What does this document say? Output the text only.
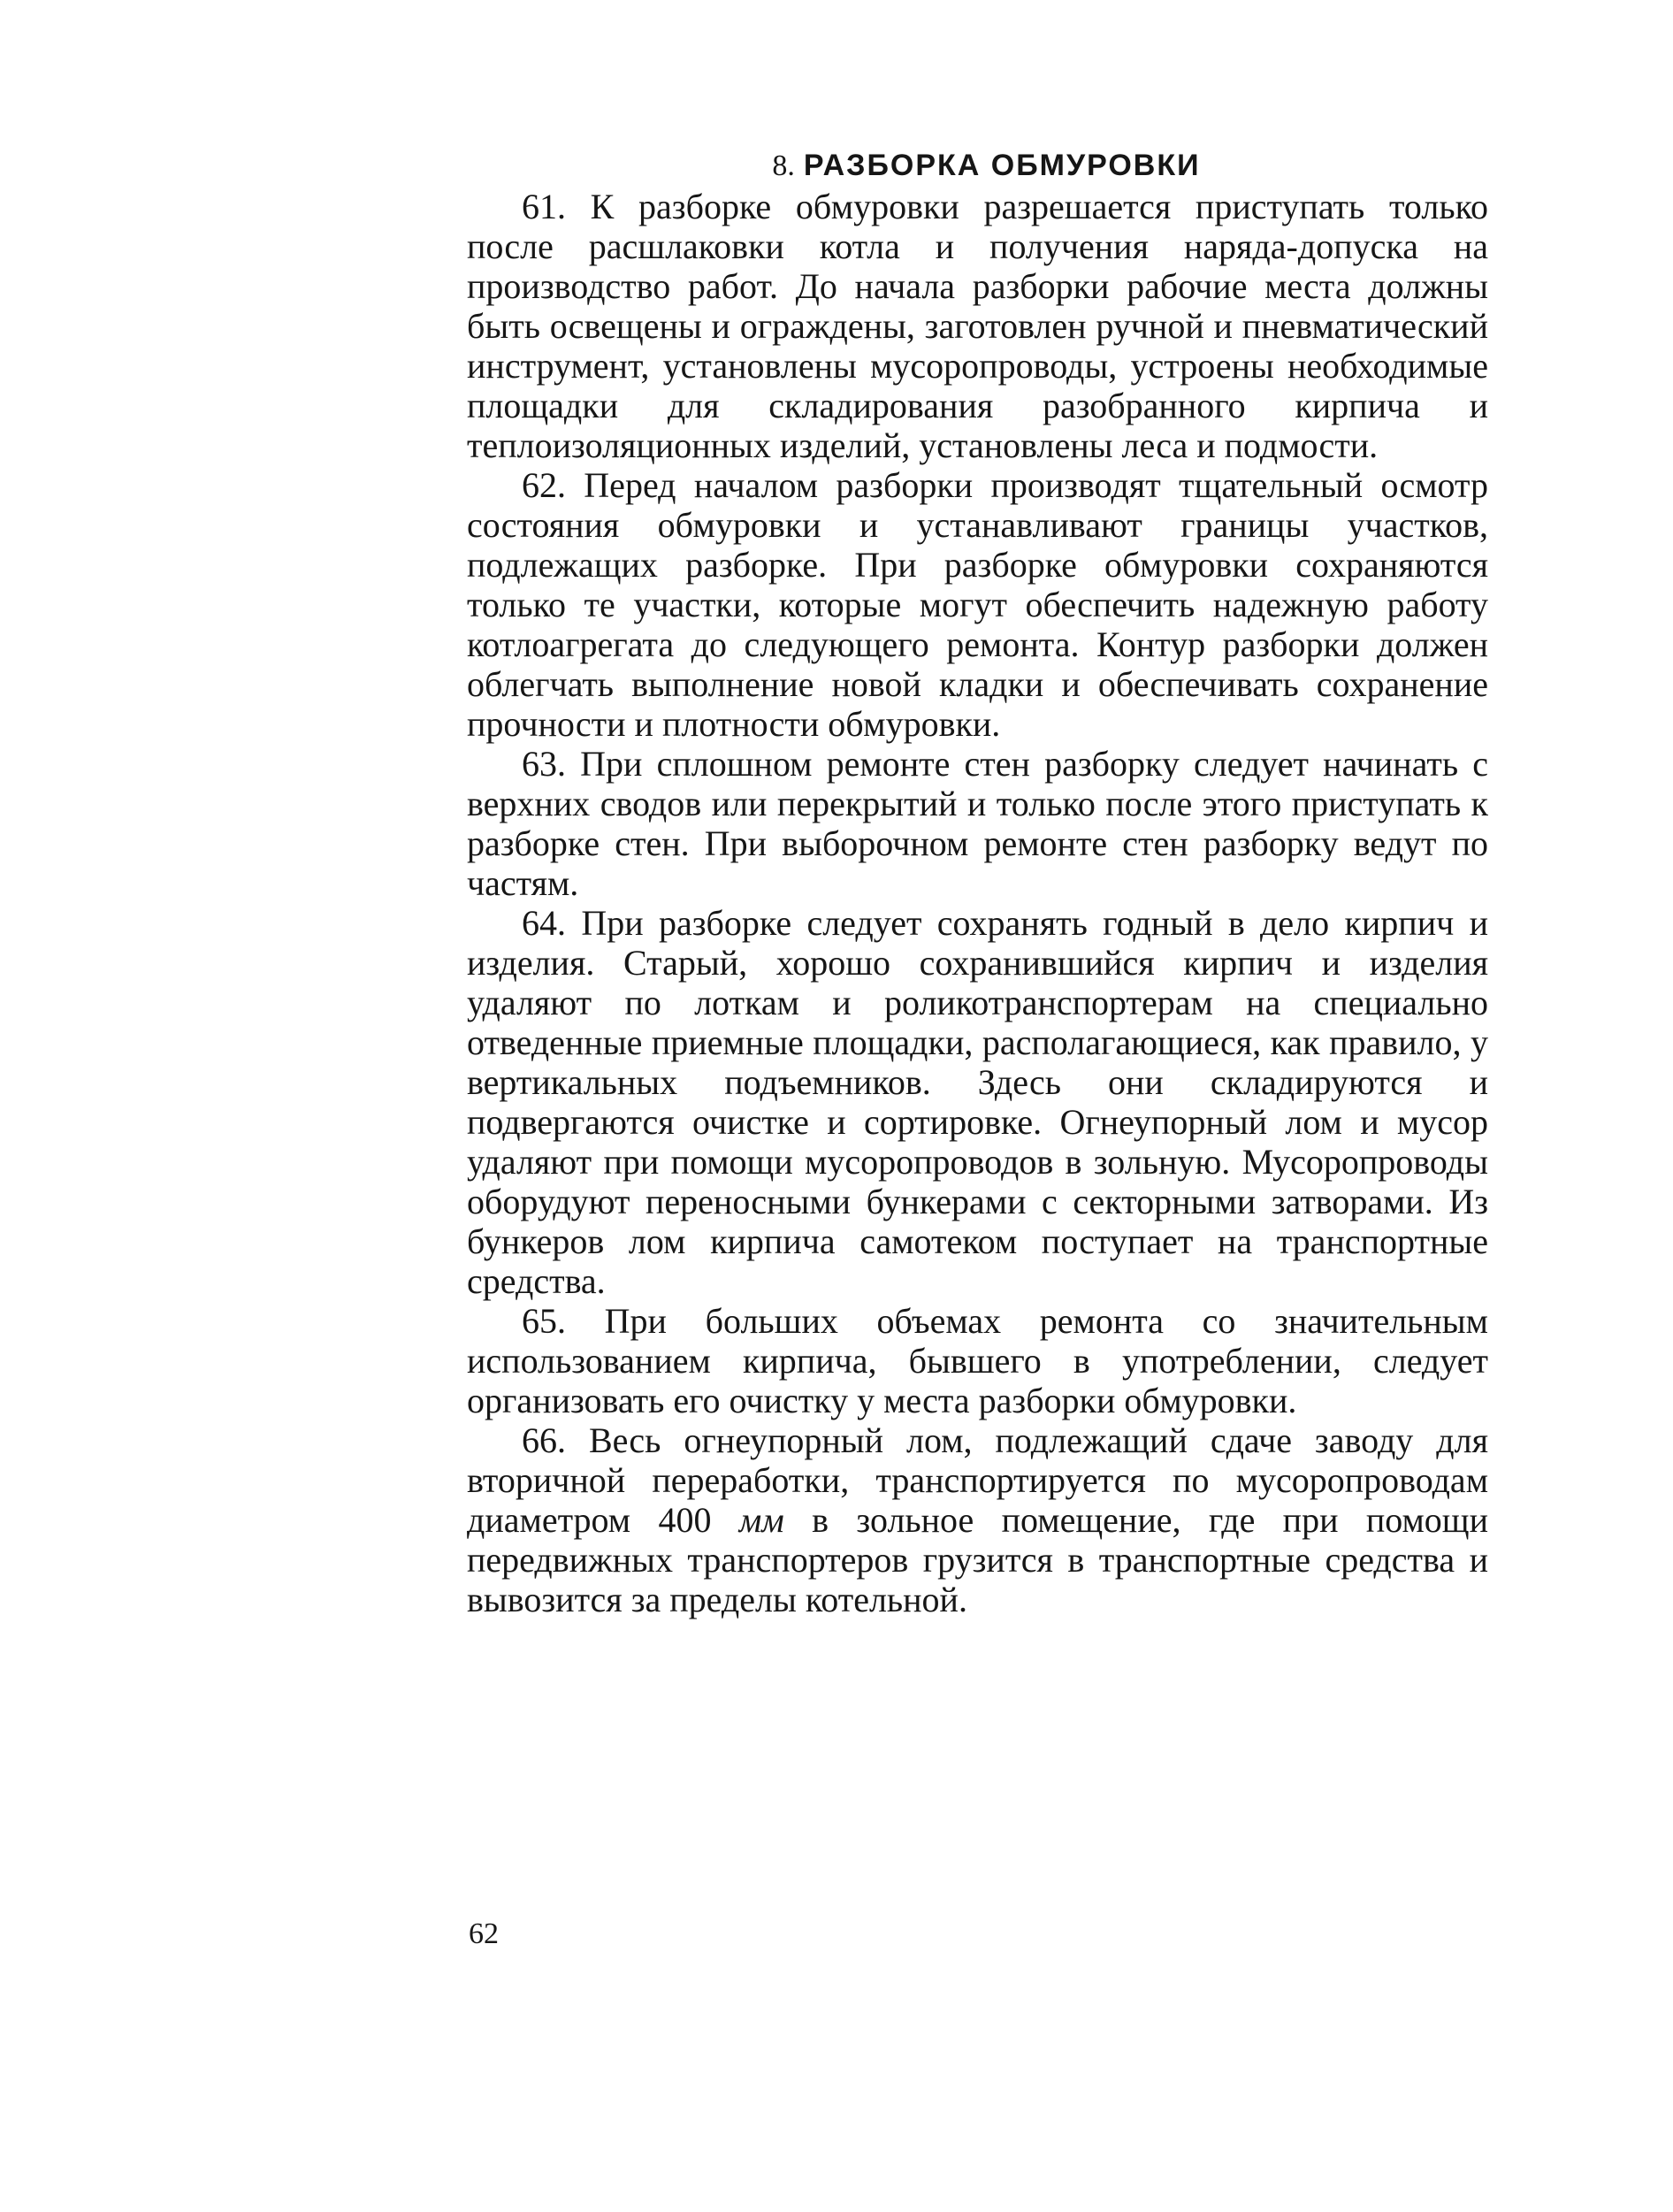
8. РАЗБОРКА ОБМУРОВКИ

61. К разборке обмуровки разрешается приступать только после расшлаковки котла и получения наряда-допуска на производство работ. До начала разборки рабочие места должны быть освещены и ограждены, заготовлен ручной и пневматический инструмент, установлены мусоропроводы, устроены необходимые площадки для складирования разобранного кирпича и теплоизоляционных изделий, установлены леса и подмости.

62. Перед началом разборки производят тщательный осмотр состояния обмуровки и устанавливают границы участков, подлежащих разборке. При разборке обмуровки сохраняются только те участки, которые могут обеспечить надежную работу котлоагрегата до следующего ремонта. Контур разборки должен облегчать выполнение новой кладки и обеспечивать сохранение прочности и плотности обмуровки.

63. При сплошном ремонте стен разборку следует начинать с верхних сводов или перекрытий и только после этого приступать к разборке стен. При выборочном ремонте стен разборку ведут по частям.

64. При разборке следует сохранять годный в дело кирпич и изделия. Старый, хорошо сохранившийся кирпич и изделия удаляют по лоткам и роликотранспортерам на специально отведенные приемные площадки, располагающиеся, как правило, у вертикальных подъемников. Здесь они складируются и подвергаются очистке и сортировке. Огнеупорный лом и мусор удаляют при помощи мусоропроводов в зольную. Мусоропроводы оборудуют переносными бункерами с секторными затворами. Из бункеров лом кирпича самотеком поступает на транспортные средства.

65. При больших объемах ремонта со значительным использованием кирпича, бывшего в употреблении, следует организовать его очистку у места разборки обмуровки.

66. Весь огнеупорный лом, подлежащий сдаче заводу для вторичной переработки, транспортируется по мусоропроводам диаметром 400 мм в зольное помещение, где при помощи передвижных транспортеров грузится в транспортные средства и вывозится за пределы котельной.

62
